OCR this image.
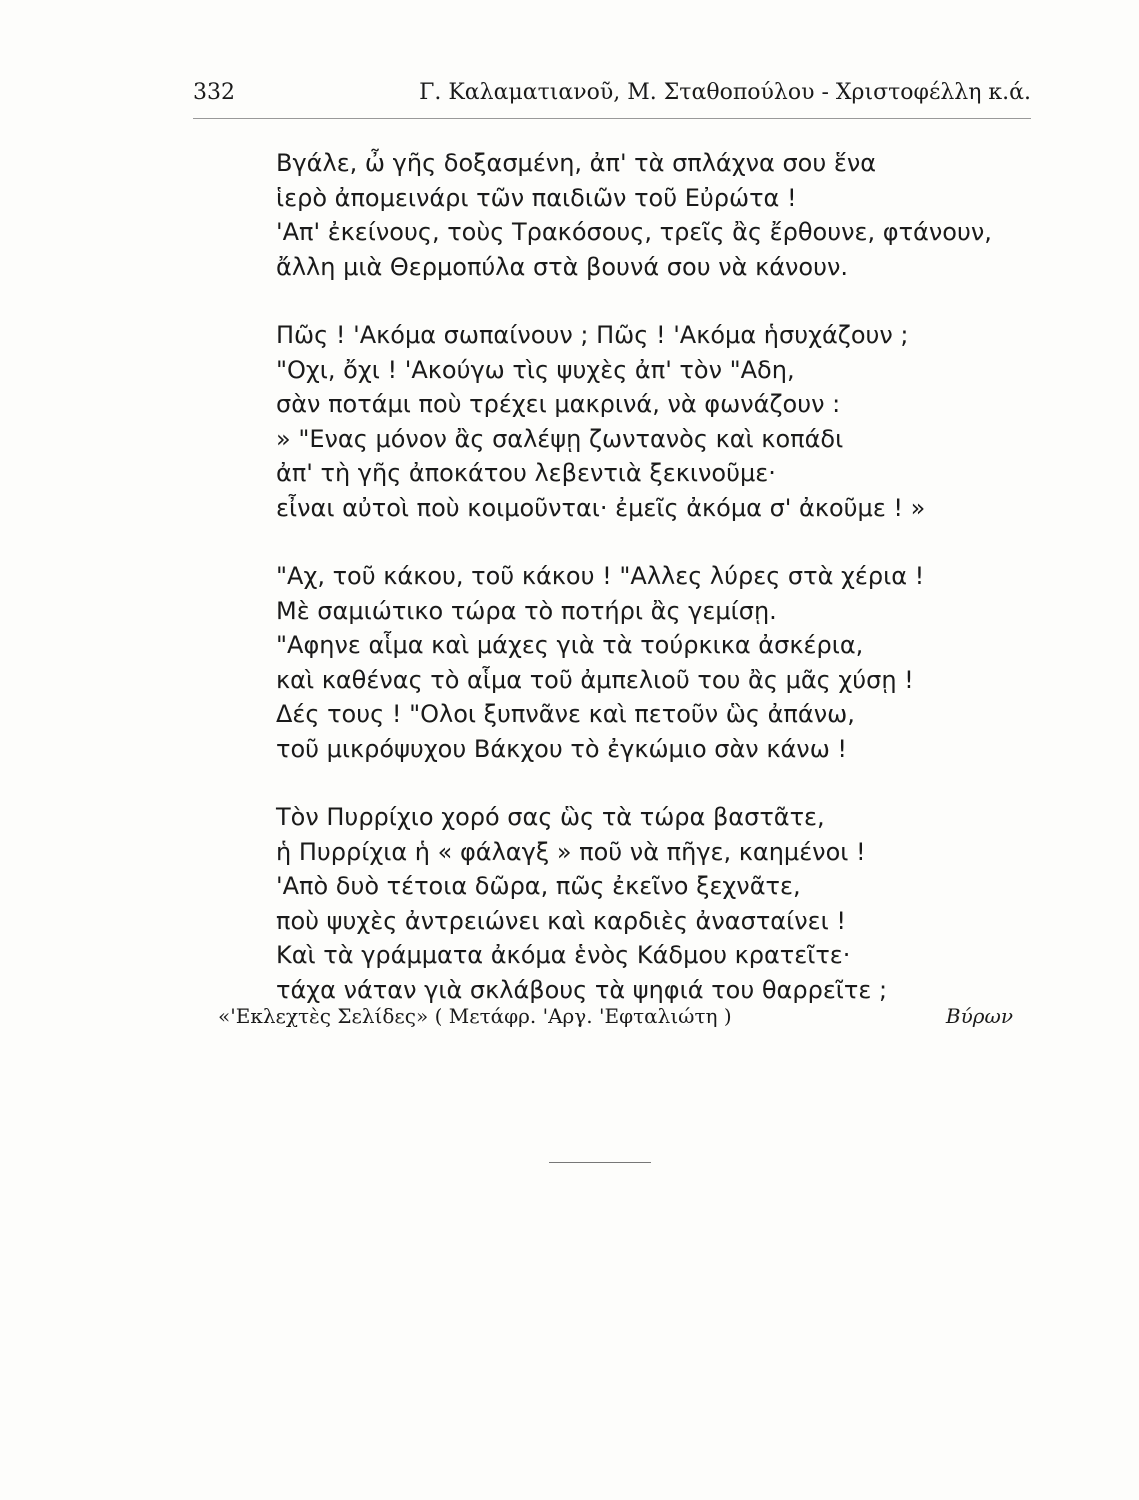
332	Γ. Καλαματιανοῦ, Μ. Σταθοπούλου - Χριστοφέλλη κ.ά.
Βγάλε, ὦ γῆς δοξασμένη, ἀπ' τὰ σπλάχνα σου ἕνα
ἱερὸ ἀπομεινάρι τῶν παιδιῶν τοῦ Εὐρώτα !
'Απ' ἐκείνους, τοὺς Τρακόσους, τρεῖς ἂς ἔρθουνε, φτάνουν,
ἄλλη μιὰ Θερμοπύλα στὰ βουνά σου νὰ κάνουν.
Πῶς ! 'Ακόμα σωπαίνουν ; Πῶς ! 'Ακόμα ἡσυχάζουν ;
"Οχι, ὄχι ! 'Ακούγω τὶς ψυχὲς ἀπ' τὸν "Αδη,
σὰν ποτάμι ποὺ τρέχει μακρινά, νὰ φωνάζουν :
» "Ενας μόνον ἂς σαλέψῃ ζωντανὸς καὶ κοπάδι
ἀπ' τὴ γῆς ἀποκάτου λεβεντιὰ ξεκινοῦμε·
εἶναι αὐτοὶ ποὺ κοιμοῦνται· ἐμεῖς ἀκόμα σ' ἀκοῦμε ! »
"Αχ, τοῦ κάκου, τοῦ κάκου ! "Αλλες λύρες στὰ χέρια !
Μὲ σαμιώτικο τώρα τὸ ποτήρι ἂς γεμίσῃ.
"Αφηνε αἷμα καὶ μάχες γιὰ τὰ τούρκικα ἀσκέρια,
καὶ καθένας τὸ αἷμα τοῦ ἀμπελιοῦ του ἂς μᾶς χύσῃ !
Δές τους ! "Ολοι ξυπνᾶνε καὶ πετοῦν ὣς ἀπάνω,
τοῦ μικρόψυχου Βάκχου τὸ ἐγκώμιο σὰν κάνω !
Τὸν Πυρρίχιο χορό σας ὣς τὰ τώρα βαστᾶτε,
ἡ Πυρρίχια ἡ « φάλαγξ » ποῦ νὰ πῆγε, καημένοι !
'Απὸ δυὸ τέτοια δῶρα, πῶς ἐκεῖνο ξεχνᾶτε,
ποὺ ψυχὲς ἀντρειώνει καὶ καρδιὲς ἀνασταίνει !
Καὶ τὰ γράμματα ἀκόμα ἑνὸς Κάδμου κρατεῖτε·
τάχα νάταν γιὰ σκλάβους τὰ ψηφιά του θαρρεῖτε ;
«'Εκλεχτὲς Σελίδες» ( Μετάφρ. 'Αργ. 'Εφταλιώτη )	Βύρων
